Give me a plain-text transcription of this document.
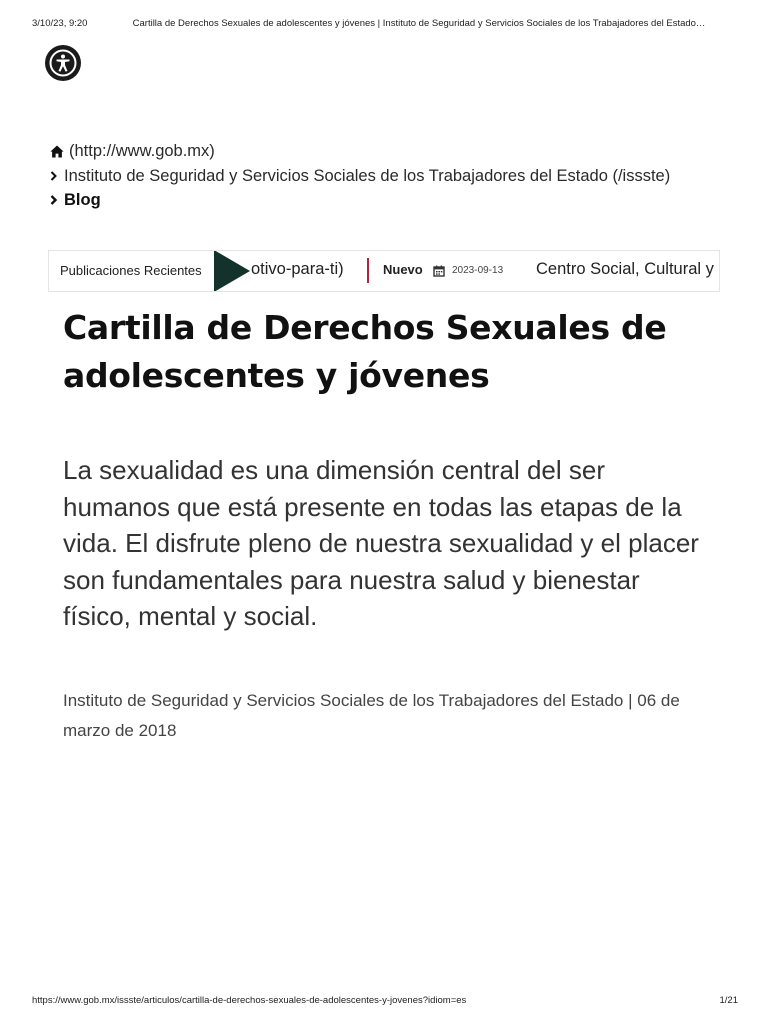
3/10/23, 9:20	Cartilla de Derechos Sexuales de adolescentes y jóvenes | Instituto de Seguridad y Servicios Sociales de los Trabajadores del Estado…
(http://www.gob.mx)
Instituto de Seguridad y Servicios Sociales de los Trabajadores del Estado (/issste)
Blog
Publicaciones Recientes	otivo-para-ti)	Nuevo	2023-09-13 Centro Social, Cultural y
Cartilla de Derechos Sexuales de adolescentes y jóvenes

La sexualidad es una dimensión central del ser humanos que está presente en todas las etapas de la vida. El disfrute pleno de nuestra sexualidad y el placer son fundamentales para nuestra salud y bienestar físico, mental y social.

Instituto de Seguridad y Servicios Sociales de los Trabajadores del Estado | 06 de marzo de 2018

https://www.gob.mx/issste/articulos/cartilla-de-derechos-sexuales-de-adolescentes-y-jovenes?idiom=es	1/21
